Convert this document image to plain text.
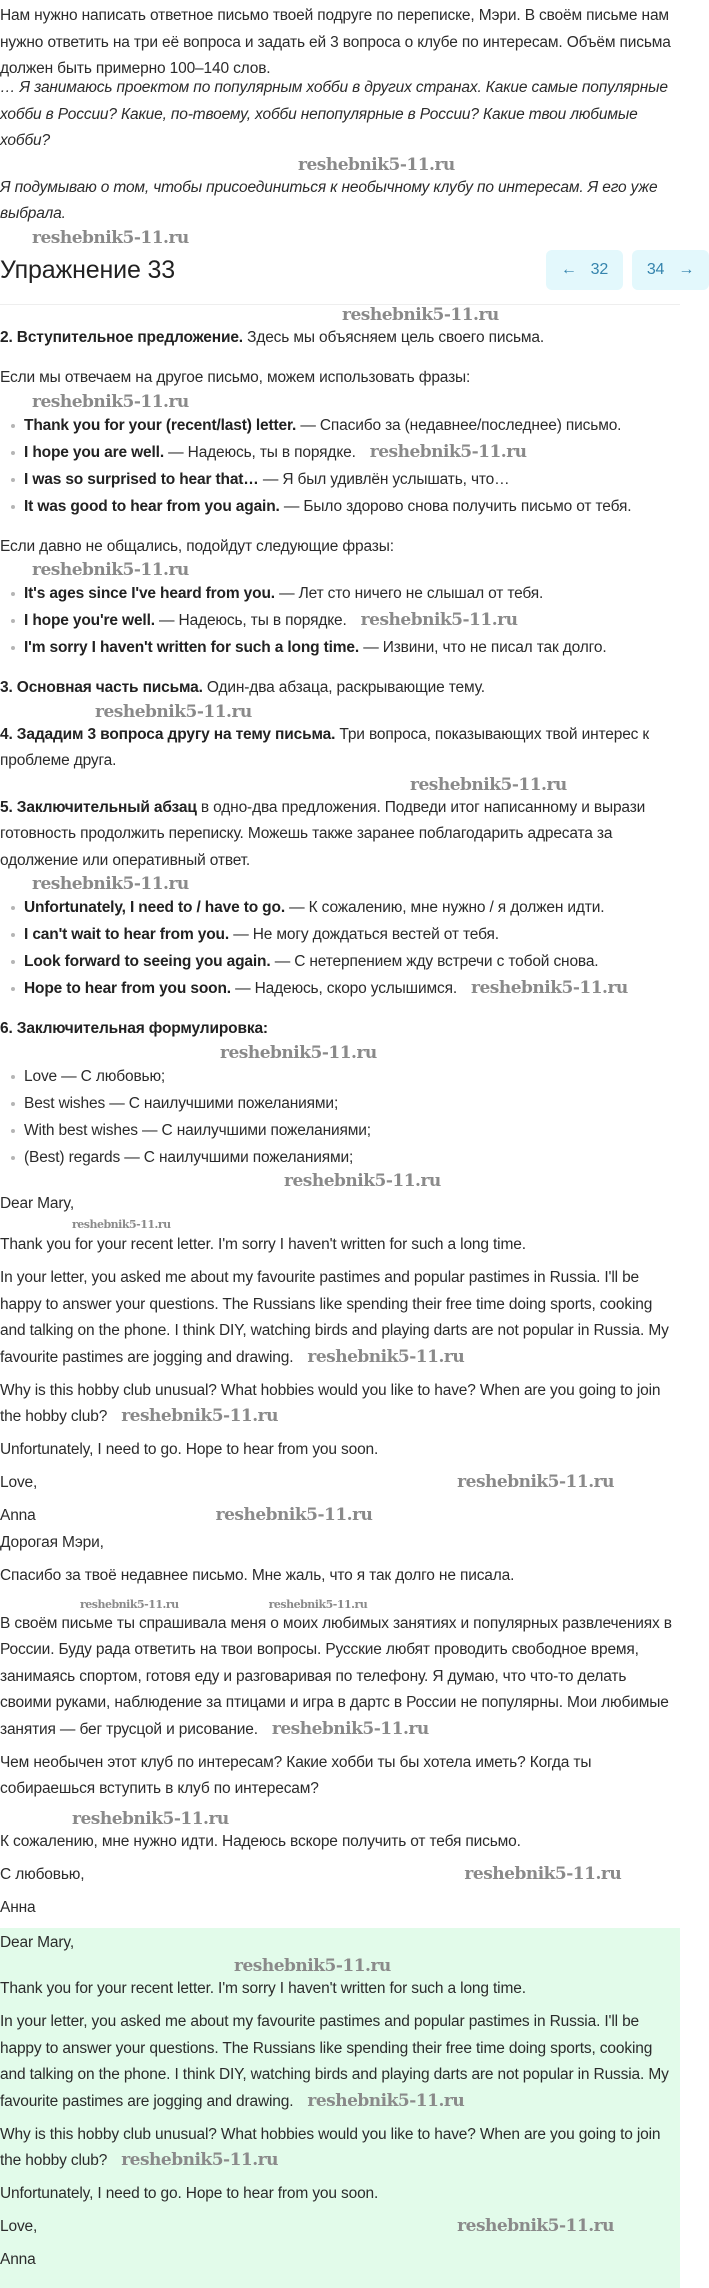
Нам нужно написать ответное письмо твоей подруге по переписке, Мэри. В своём письме нам нужно ответить на три её вопроса и задать ей 3 вопроса о клубе по интересам. Объём письма должен быть примерно 100–140 слов.

… Я занимаюсь проектом по популярным хобби в других странах. Какие самые популярные хобби в России? Какие, по-твоему, хобби непопулярные в России? Какие твои любимые хобби?

reshebnik5-11.ru

Я подумываю о том, чтобы присоединиться к необычному клубу по интересам. Я его уже выбрала.

reshebnik5-11.ru
Упражнение 33	← 32 34 →
reshebnik5-11.ru

2. Вступительное предложение. Здесь мы объясняем цель своего письма.

Если мы отвечаем на другое письмо, можем использовать фразы:

reshebnik5-11.ru
Thank you for your (recent/last) letter. — Спасибо за (недавнее/последнее) письмо.
I hope you are well. — Надеюсь, ты в порядке. reshebnik5-11.ru
I was so surprised to hear that… — Я был удивлён услышать, что…
It was good to hear from you again. — Было здорово снова получить письмо от тебя.

Если давно не общались, подойдут следующие фразы:

reshebnik5-11.ru
It's ages since I've heard from you. — Лет сто ничего не слышал от тебя.
I hope you're well. — Надеюсь, ты в порядке. reshebnik5-11.ru
I'm sorry I haven't written for such a long time. — Извини, что не писал так долго.

3. Основная часть письма. Один-два абзаца, раскрывающие тему.

reshebnik5-11.ru

4. Зададим 3 вопроса другу на тему письма. Три вопроса, показывающих твой интерес к проблеме друга.

reshebnik5-11.ru

5. Заключительный абзац в одно-два предложения. Подведи итог написанному и вырази готовность продолжить переписку. Можешь также заранее поблагодарить адресата за одолжение или оперативный ответ.

reshebnik5-11.ru
Unfortunately, I need to / have to go. — К сожалению, мне нужно / я должен идти.
I can't wait to hear from you. — Не могу дождаться вестей от тебя.
Look forward to seeing you again. — С нетерпением жду встречи с тобой снова.
Hope to hear from you soon. — Надеюсь, скоро услышимся. reshebnik5-11.ru

6. Заключительная формулировка:

reshebnik5-11.ru
Love — С любовью;
Best wishes — С наилучшими пожеланиями;
With best wishes — С наилучшими пожеланиями;
(Best) regards — С наилучшими пожеланиями;
reshebnik5-11.ru

Dear Mary,

reshebnik5-11.ru

Thank you for your recent letter. I'm sorry I haven't written for such a long time.

In your letter, you asked me about my favourite pastimes and popular pastimes in Russia. I'll be happy to answer your questions. The Russians like spending their free time doing sports, cooking and talking on the phone. I think DIY, watching birds and playing darts are not popular in Russia. My favourite pastimes are jogging and drawing. reshebnik5-11.ru

Why is this hobby club unusual? What hobbies would you like to have? When are you going to join the hobby club? reshebnik5-11.ru

Unfortunately, I need to go. Hope to hear from you soon.

Love,	reshebnik5-11.ru

Anna	reshebnik5-11.ru

Дорогая Мэри,

Спасибо за твоё недавнее письмо. Мне жаль, что я так долго не писала.

reshebnik5-11.ru	reshebnik5-11.ru

В своём письме ты спрашивала меня о моих любимых занятиях и популярных развлечениях в России. Буду рада ответить на твои вопросы. Русские любят проводить свободное время, занимаясь спортом, готовя еду и разговаривая по телефону. Я думаю, что что-то делать своими руками, наблюдение за птицами и игра в дартс в России не популярны. Мои любимые занятия — бег трусцой и рисование. reshebnik5-11.ru

Чем необычен этот клуб по интересам? Какие хобби ты бы хотела иметь? Когда ты собираешься вступить в клуб по интересам?

reshebnik5-11.ru

К сожалению, мне нужно идти. Надеюсь вскоре получить от тебя письмо.

С любовью,	reshebnik5-11.ru

Анна

Dear Mary,

reshebnik5-11.ru

Thank you for your recent letter. I'm sorry I haven't written for such a long time.

In your letter, you asked me about my favourite pastimes and popular pastimes in Russia. I'll be happy to answer your questions. The Russians like spending their free time doing sports, cooking and talking on the phone. I think DIY, watching birds and playing darts are not popular in Russia. My favourite pastimes are jogging and drawing. reshebnik5-11.ru

Why is this hobby club unusual? What hobbies would you like to have? When are you going to join the hobby club? reshebnik5-11.ru

Unfortunately, I need to go. Hope to hear from you soon.

Love,	reshebnik5-11.ru

Anna
